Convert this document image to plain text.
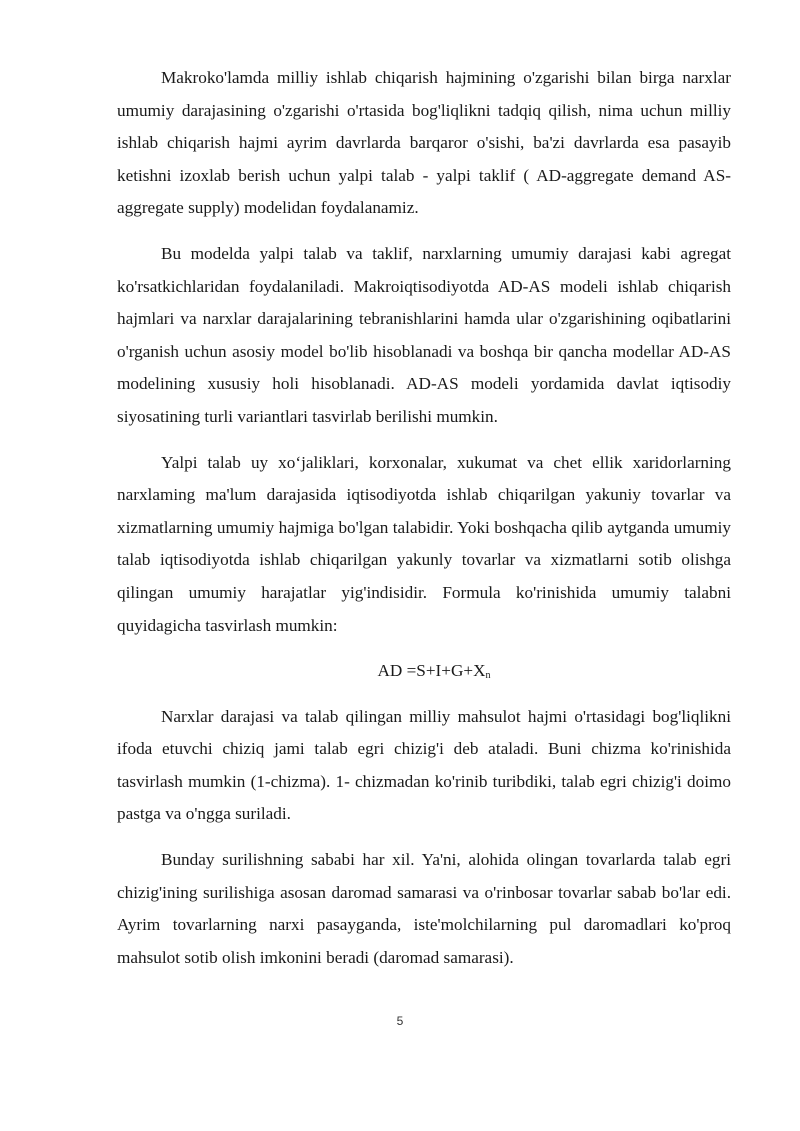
Makroko'lamda milliy ishlab chiqarish hajmining o'zgarishi bilan birga narxlar umumiy darajasining o'zgarishi o'rtasida bog'liqlikni tadqiq qilish, nima uchun milliy ishlab chiqarish hajmi ayrim davrlarda barqaror o'sishi, ba'zi davrlarda esa pasayib ketishni izoxlab berish uchun yalpi talab - yalpi taklif ( AD-aggregate demand AS-aggregate supply) modelidan foydalanamiz.

Bu modelda yalpi talab va taklif, narxlarning umumiy darajasi kabi agregat ko'rsatkichlaridan foydalaniladi. Makroiqtisodiyotda AD-AS modeli ishlab chiqarish hajmlari va narxlar darajalarining tebranishlarini hamda ular o'zgarishining oqibatlarini o'rganish uchun asosiy model bo'lib hisoblanadi va boshqa bir qancha modellar AD-AS modelining xususiy holi hisoblanadi. AD-AS modeli yordamida davlat iqtisodiy siyosatining turli variantlari tasvirlab berilishi mumkin.

Yalpi talab uy xo‘jaliklari, korxonalar, xukumat va chet ellik xaridorlarning narxlaming ma'lum darajasida iqtisodiyotda ishlab chiqarilgan yakuniy tovarlar va xizmatlarning umumiy hajmiga bo'lgan talabidir. Yoki boshqacha qilib aytganda umumiy talab iqtisodiyotda ishlab chiqarilgan yakunly tovarlar va xizmatlarni sotib olishga qilingan umumiy harajatlar yig'indisidir. Formula ko'rinishida umumiy talabni quyidagicha tasvirlash mumkin:

AD $=S+I+G+X_n$

Narxlar darajasi va talab qilingan milliy mahsulot hajmi o'rtasidagi bog'liqlikni ifoda etuvchi chiziq jami talab egri chizig'i deb ataladi. Buni chizma ko'rinishida tasvirlash mumkin (1-chizma). 1- chizmadan ko'rinib turibdiki, talab egri chizig'i doimo pastga va o'ngga suriladi.

Bunday surilishning sababi har xil. Ya'ni, alohida olingan tovarlarda talab egri chizig'ining surilishiga asosan daromad samarasi va o'rinbosar tovarlar sabab bo'lar edi. Ayrim tovarlarning narxi pasayganda, iste'molchilarning pul daromadlari ko'proq mahsulot sotib olish imkonini beradi (daromad samarasi).

5
